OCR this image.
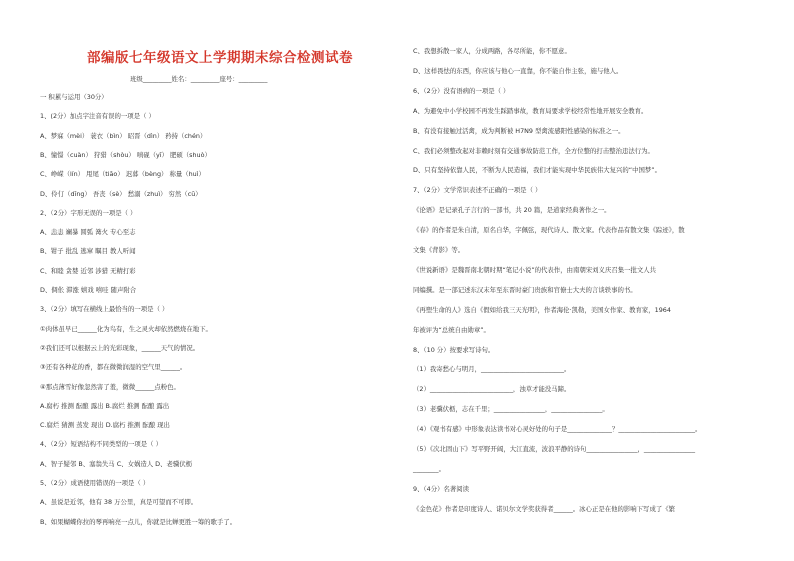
部编版七年级语文上学期期末综合检测试卷
班级_________姓名：_________座号：_________
一 积累与运用（30分）
1、(2分）加点字注音有误的一项是（ ）
A、梦寐（mèi） 蓑衣（bìn） 昭晋（dìn） 矜持（chén）
B、憧憬（cuàn） 狩猎（shòu） 嗔砚（yī） 肥硕（shuò）
C、峥嵘（lín） 甩尾（tiāo） 迟暮（bèng） 称量（huì）
D、伶仃（dīng） 吾丧（sè） 愁溺（zhuì） 穷然（cū）
2、（2分）字形无误的一项是（ ）
A、恚恚 斓暴 圆弧 篝火 专心至志
B、钳子 批乱 逃窜 瞩目 教人听闻
C、和睦 贪婪 近邻 涉猎 无精打彩
D、倜伥 滞涨 嬉戏 嘻哇 随声附合
3、（2分）填写在横线上最恰当的一项是（ ）
①肉体虽早已______化为鸟有，生之灵火却依然燃烧在地下。
②我们还可以根据云上的光彩现象，______天气的情况。
③还有各种花的香，都在微微润湿的空气里______。
④那点薄雪好像忽然害了羞，微微______点粉色。
A.腐朽 推测 酝酿 露出 B.腐烂 推测 酝酿 露出
C.腐烂 猜测 蒸发 现出 D.腐朽 推测 酝酿 现出
4、（2分）短语结构不同类型的一项是（ ）
A、智子疑邻 B、塞翁失马 C、女娲造人 D、老骥伏枥
5、（2分）成语使用错误的一项是（ ）
A、虽说是近邻，他有 38 万公里，真是可望而不可即。
B、如果蝴蝶你拉的琴再响亮一点儿，你就是比蝉更胜一筹的歌手了。
C、我想拆散一家人，分成两路，各尽所能，你不愿意。
D、这样畏怯的东西，你应该与他心一直靠，你不能自作主张，施与他人。
6、（2分）没有语病的一项是（ ）
A、为避免中小学校园不再发生踩踏事故，教育局要求学校经常性地开展安全教育。
B、有没有接触过活禽，成为判断被 H7N9 型禽流感阳性感染的标准之一。
C、我们必须整改起对非赖时刻有交通事故防范工作，全方位整的打击整治违法行为。
D、只有坚持依靠人民，不断为人民造福，我们才能实现中华民族伟大复兴的“中国梦”。
7、（2分）文学常识表述不正确的一项是（ ）
《论语》是记录孔子言行的一部书，共 20 篇，是道家经典著作之一。
《春》的作者是朱自清，原名自华，字佩弦，现代诗人、散文家。代表作品有散文集《踪迹》，散
文集《背影》等。
《世说新语》是魏晋南北朝时期“笔记小说”的代表作，由南朝宋刘义庆召集一批文人共
同编撰。是一部记述东汉末年至东晋时豪门贵族和官僚士大夫的言谈轶事的书。
《再塑生命的人》选自《假如给我三天光明》，作者海伦·凯勒，美国女作家、教育家，1964
年被评为“总统自由勋章”。
8、（10 分）按要求写诗句。
（1）我寄愁心与明月，__________________________。
（2）__________________________，浊草才能没马蹄。
（3）老骥伏枥，志在千里；________________，________________。
（4）《观书有感》中形象表达读书对心灵好处的句子是______________？________________________。
（5）《次北固山下》写平野开阔，大江直流，波浪平静的诗句________________，________________
________。
9、（4分）名著阅读
《金色花》作者是印度诗人、诺贝尔文学奖获得者______。冰心正是在他的影响下写成了《繁
